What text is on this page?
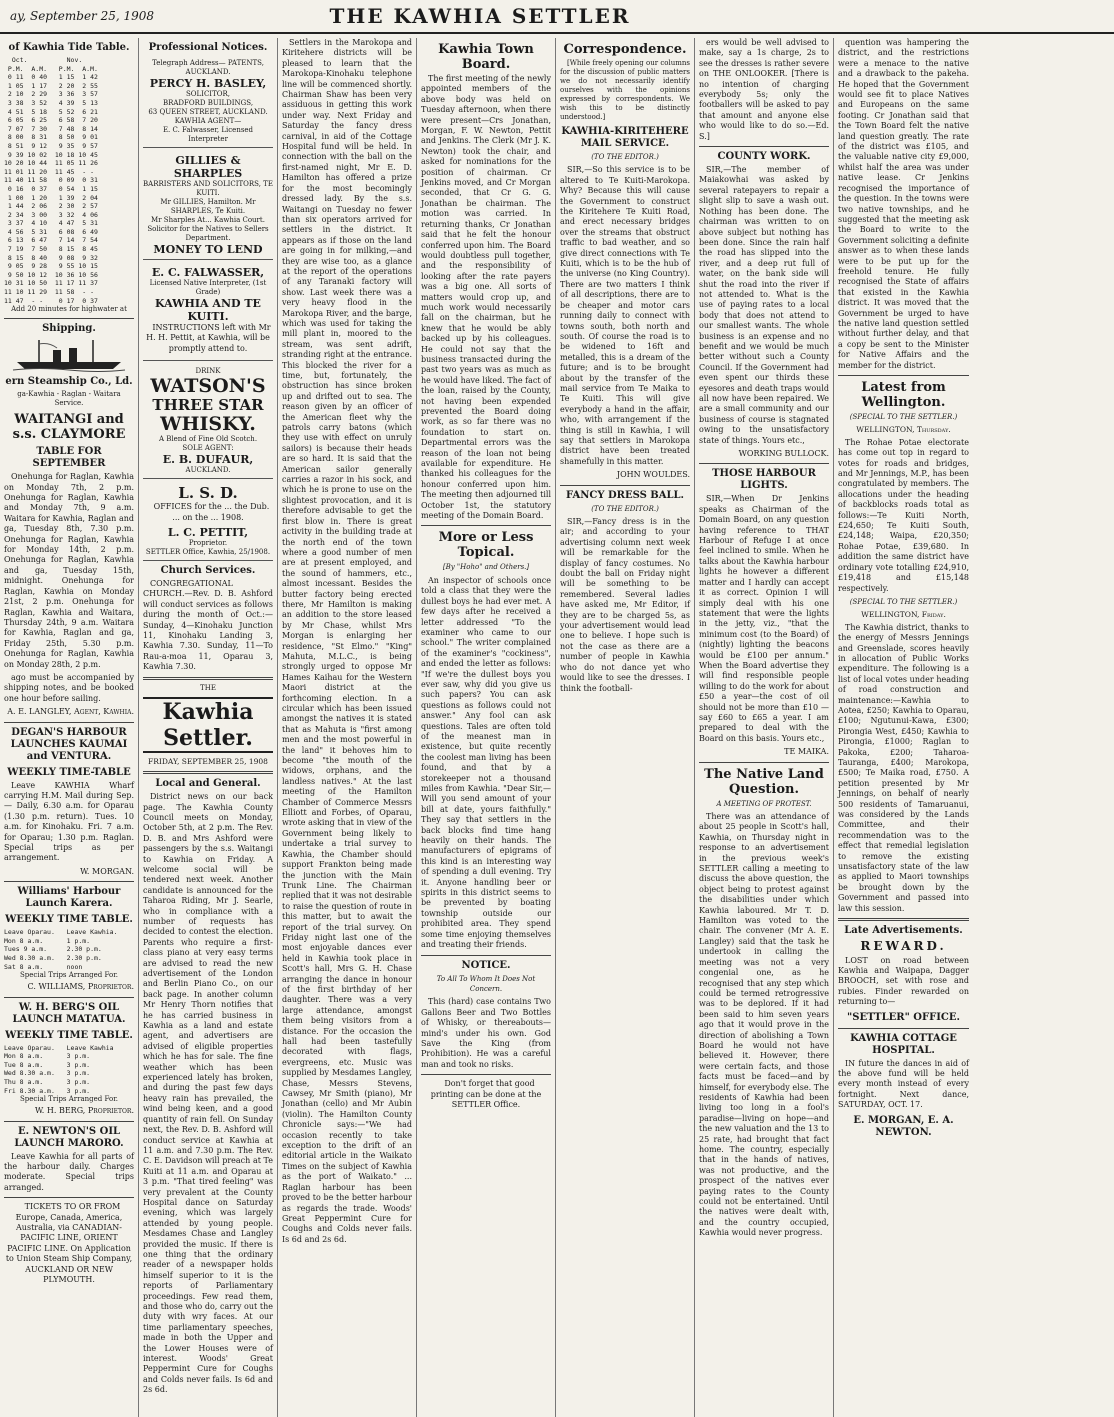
ay, September 25, 1908	THE KAWHIA SETTLER
of Kawhia Tide Table.
Oct.          Nov.
P.M.  A.M.   P.M.  A.M.
0 11  0 40   1 15  1 42
1 05  1 17   2 20  2 55
2 10  2 29   3 36  3 57
3 38  3 52   4 39  5 13
4 51  5 18   5 52  6 21
6 05  6 25   6 58  7 20
7 07  7 30   7 48  8 14
8 00  8 31   8 50  9 01
8 51  9 12   9 35  9 57
9 39 10 02  10 18 10 45
10 20 10 44  11 05 11 26
11 01 11 20  11 45  - -
11 40 11 58   0 09  0 31
0 16  0 37   0 54  1 15
1 00  1 20   1 39  2 04
1 44  2 06   2 30  2 57
2 34  3 00   3 32  4 06
3 37  4 10   4 47  5 31
4 56  5 31   6 08  6 49
6 13  6 47   7 14  7 54
7 19  7 50   8 15  8 45
8 15  8 40   9 08  9 32
9 05  9 28   9 55 10 15
9 50 10 12  10 36 10 56
10 31 10 50  11 17 11 37
11 10 11 29  11 58  - -
11 47  - -    0 17  0 37
Add 20 minutes for highwater at
Shipping.
ern Steamship Co., Ld.
ga-Kawhia - Raglan - Waitara Service.
WAITANGI and s.s. CLAYMORE
TABLE FOR SEPTEMBER

Onehunga for Raglan, Kawhia on Monday 7th, 2 p.m. Onehunga for Raglan, Kawhia and Monday 7th, 9 a.m. Waitara for Kawhia, Raglan and ga, Tuesday 8th, 7.30 p.m. Onehunga for Raglan, Kawhia for Monday 14th, 2 p.m. Onehunga for Raglan, Kawhia and ga, Tuesday 15th, midnight. Onehunga for Raglan, Kawhia on Monday 21st, 2 p.m. Onehunga for Raglan, Kawhia and Waitara, Thursday 24th, 9 a.m. Waitara for Kawhia, Raglan and ga, Friday 25th, 5.30 p.m. Onehunga for Raglan, Kawhia on Monday 28th, 2 p.m.

ago must be accompanied by shipping notes, and be booked one hour before sailing.

A. E. LANGLEY, Agent, Kawhia.
DEGAN'S HARBOUR LAUNCHES KAUMAI and VENTURA.
WEEKLY TIME-TABLE

Leave KAWHIA Wharf carrying H.M. Mail during Sep.— Daily, 6.30 a.m. for Oparau (1.30 p.m. return). Tues. 10 a.m. for Kinohaku. Fri. 7 a.m. for Oparau; 1.30 p.m. Raglan. Special trips as per arrangement.

W. MORGAN.
Williams' Harbour Launch Karera.
WEEKLY TIME TABLE.
Leave Oparau.   Leave Kawhia.
Mon 8 a.m.      1 p.m.
Tues 9 a.m.     2.30 p.m.
Wed 8.30 a.m.   2.30 p.m.
Sat 8 a.m.      noon
Special Trips Arranged For.
C. WILLIAMS, Proprietor.
W. H. BERG'S OIL LAUNCH MATATUA.
WEEKLY TIME TABLE.
Leave Oparau.   Leave Kawhia
Mon 8 a.m.      3 p.m.
Tue 8 a.m.      3 p.m.
Wed 8.30 a.m.   3 p.m.
Thu 8 a.m.      3 p.m.
Fri 8.30 a.m.   3 p.m.
Special Trips Arranged For.
W. H. BERG, Proprietor.
E. NEWTON'S OIL LAUNCH MARORO.

Leave Kawhia for all parts of the harbour daily. Charges moderate. Special trips arranged.

TICKETS TO OR FROM Europe, Canada, America, Australia, via CANADIAN-PACIFIC LINE, ORIENT PACIFIC LINE. On Application to Union Steam Ship Company, AUCKLAND OR NEW PLYMOUTH.

Professional Notices.
Telegraph Address— PATENTS, AUCKLAND.
PERCY H. BASLEY,
SOLICITOR,
BRADFORD BUILDINGS,
63 QUEEN STREET, AUCKLAND.
KAWHIA AGENT—
E. C. Falwasser, Licensed Interpreter
GILLIES & SHARPLES
BARRISTERS AND SOLICITORS, TE KUITI.
Mr GILLIES, Hamilton. Mr SHARPLES, Te Kuiti.
Mr Sharples At... Kawhia Court.
Solicitor for the Natives to Sellers Department.
MONEY TO LEND
E. C. FALWASSER,
Licensed Native Interpreter, (1st Grade)
KAWHIA AND TE KUITI.

INSTRUCTIONS left with Mr H. H. Pettit, at Kawhia, will be promptly attend to.

DRINK
WATSON'S
THREE STAR
WHISKY.
A Blend of Fine Old Scotch.
SOLE AGENT:
E. B. DUFAUR,
AUCKLAND.
L. S. D.

OFFICES for the ... the Dub. ... on the ... 1908.

L. C. PETTIT,
Proprietor.
SETTLER Office, Kawhia, 25/1908.
Church Services.

CONGREGATIONAL CHURCH.—Rev. D. B. Ashford will conduct services as follows during the month of Oct.:— Sunday, 4—Kinohaku Junction 11, Kinohaku Landing 3, Kawhia 7.30. Sunday, 11—To Rau-a-moa 11, Oparau 3, Kawhia 7.30.

THE
Kawhia Settler.
FRIDAY, SEPTEMBER 25, 1908
Local and General.

District news on our back page. The Kawhia County Council meets on Monday, October 5th, at 2 p.m. The Rev. D. B. and Mrs Ashford were passengers by the s.s. Waitangi to Kawhia on Friday. A welcome social will be tendered next week. Another candidate is announced for the Taharoa Riding, Mr J. Searle, who in compliance with a number of requests has decided to contest the election. Parents who require a first-class piano at very easy terms are advised to read the new advertisement of the London and Berlin Piano Co., on our back page. In another column Mr Henry Thorn notifies that he has carried business in Kawhia as a land and estate agent, and advertisers are advised of eligible properties which he has for sale. The fine weather which has been experienced lately has broken, and during the past few days heavy rain has prevailed, the wind being keen, and a good quantity of rain fell. On Sunday next, the Rev. D. B. Ashford will conduct service at Kawhia at 11 a.m. and 7.30 p.m. The Rev. C. E. Davidson will preach at Te Kuiti at 11 a.m. and Oparau at 3 p.m. "That tired feeling" was very prevalent at the County Hospital dance on Saturday evening, which was largely attended by young people. Mesdames Chase and Langley provided the music. If there is one thing that the ordinary reader of a newspaper holds himself superior to it is the reports of Parliamentary proceedings. Few read them, and those who do, carry out the duty with wry faces. At our time parliamentary speeches, made in both the Upper and the Lower Houses were of interest. Woods' Great Peppermint Cure for Coughs and Colds never fails. Is 6d and 2s 6d.

Settlers in the Marokopa and Kiritehere districts will be pleased to learn that the Marokopa-Kinohaku telephone line will be commenced shortly. Chairman Shaw has been very assiduous in getting this work under way. Next Friday and Saturday the fancy dress carnival, in aid of the Cottage Hospital fund will be held. In connection with the ball on the first-named night, Mr E. D. Hamilton has offered a prize for the most becomingly dressed lady. By the s.s. Waitangi on Tuesday no fewer than six operators arrived for settlers in the district. It appears as if those on the land are going in for milking,—and they are wise too, as a glance at the report of the operations of any Taranaki factory will show. Last week there was a very heavy flood in the Marokopa River, and the barge, which was used for taking the mill plant in, moored to the stream, was sent adrift, stranding right at the entrance. This blocked the river for a time, but, fortunately, the obstruction has since broken up and drifted out to sea. The reason given by an officer of the American fleet why the patrols carry batons (which they use with effect on unruly sailors) is because their heads are so hard. It is said that the American sailor generally carries a razor in his sock, and which he is prone to use on the slightest provocation, and it is therefore advisable to get the first blow in. There is great activity in the building trade at the north end of the town where a good number of men are at present employed, and the sound of hammers, etc., almost incessant. Besides the butter factory being erected there, Mr Hamilton is making an addition to the store leased by Mr Chase, whilst Mrs Morgan is enlarging her residence, "St Elmo." "King" Mahuta, M.L.C., is being strongly urged to oppose Mr Hames Kaihau for the Western Maori district at the forthcoming election. In a circular which has been issued amongst the natives it is stated that as Mahuta is "first among men and the most powerful in the land" it behoves him to become "the mouth of the widows, orphans, and the landless natives." At the last meeting of the Hamilton Chamber of Commerce Messrs Elliott and Forbes, of Oparau, wrote asking that in view of the Government being likely to undertake a trial survey to Kawhia, the Chamber should support Frankton being made the junction with the Main Trunk Line. The Chairman replied that it was not desirable to raise the question of route in this matter, but to await the report of the trial survey. On Friday night last one of the most enjoyable dances ever held in Kawhia took place in Scott's hall, Mrs G. H. Chase arranging the dance in honour of the first birthday of her daughter. There was a very large attendance, amongst them being visitors from a distance. For the occasion the hall had been tastefully decorated with flags, evergreens, etc. Music was supplied by Mesdames Langley, Chase, Messrs Stevens, Cawsey, Mr Smith (piano), Mr Jonathan (cello) and Mr Aubin (violin). The Hamilton County Chronicle says:—"We had occasion recently to take exception to the drift of an editorial article in the Waikato Times on the subject of Kawhia as the port of Waikato." ... Raglan harbour has been proved to be the better harbour as regards the trade. Woods' Great Peppermint Cure for Coughs and Colds never fails. Is 6d and 2s 6d.

Kawhia Town Board.

The first meeting of the newly appointed members of the above body was held on Tuesday afternoon, when there were present—Crs Jonathan, Morgan, F. W. Newton, Pettit and Jenkins. The Clerk (Mr J. K. Newton) took the chair, and asked for nominations for the position of chairman. Cr Jenkins moved, and Cr Morgan seconded, that Cr G. G. Jonathan be chairman. The motion was carried. In returning thanks, Cr Jonathan said that he felt the honour conferred upon him. The Board would doubtless pull together, and the responsibility of looking after the rate payers was a big one. All sorts of matters would crop up, and much work would necessarily fall on the chairman, but he knew that he would be ably backed up by his colleagues. He could not say that the business transacted during the past two years was as much as he would have liked. The fact of the loan, raised by the County, not having been expended prevented the Board doing work, as so far there was no foundation to start on. Departmental errors was the reason of the loan not being available for expenditure. He thanked his colleagues for the honour conferred upon him. The meeting then adjourned till October 1st, the statutory meeting of the Domain Board.

More or Less Topical.
[By "Hoho" and Others.]

An inspector of schools once told a class that they were the dullest boys he had ever met. A few days after he received a letter addressed "To the examiner who came to our school." The writer complained of the examiner's "cockiness", and ended the letter as follows: "If we're the dullest boys you ever saw, why did you give us such papers? You can ask questions as follows could not answer." Any fool can ask questions. Tales are often told of the meanest man in existence, but quite recently the coolest man living has been found, and that by a storekeeper not a thousand miles from Kawhia. "Dear Sir,—Will you send amount of your bill at date, yours faithfully." They say that settlers in the back blocks find time hang heavily on their hands. The manufacturers of epigrams of this kind is an interesting way of spending a dull evening. Try it. Anyone handling beer or spirits in this district seems to be prevented by boating township outside our prohibited area. They spend some time enjoying themselves and treating their friends.

NOTICE.
To All To Whom It Does Not Concern.

This (hard) case contains Two Gallons Beer and Two Bottles of Whisky, or thereabouts—mind's under his own. God Save the King (from Prohibition). He was a careful man and took no risks.

Don't forget that good printing can be done at the SETTLER Office.

Correspondence.

[While freely opening our columns for the discussion of public matters we do not necessarily identify ourselves with the opinions expressed by correspondents. We wish this to be distinctly understood.]

KAWHIA-KIRITEHERE MAIL SERVICE.
(TO THE EDITOR.)

SIR,—So this service is to be altered to Te Kuiti-Marokopa. Why? Because this will cause the Government to construct the Kiritehere Te Kuiti Road, and erect necessary bridges over the streams that obstruct traffic to bad weather, and so give direct connections with Te Kuiti, which is to be the hub of the universe (no King Country). There are two matters I think of all descriptions, there are to be cheaper and motor cars running daily to connect with towns south, both north and south. Of course the road is to be widened to 16ft and metalled, this is a dream of the future; and is to be brought about by the transfer of the mail service from Te Maika to Te Kuiti. This will give everybody a hand in the affair, who, with arrangement if the thing is still in Kawhia, I will say that settlers in Marokopa district have been treated shamefully in this matter.

JOHN WOULDES.
FANCY DRESS BALL.
(TO THE EDITOR.)

SIR,—Fancy dress is in the air; and according to your advertising column next week will be remarkable for the display of fancy costumes. No doubt the ball on Friday night will be something to be remembered. Several ladies have asked me, Mr Editor, if they are to be charged 5s, as your advertisement would lead one to believe. I hope such is not the case as there are a number of people in Kawhia who do not dance yet who would like to see the dresses. I think the football-

ers would be well advised to make, say a 1s charge, 2s to see the dresses is rather severe on THE ONLOOKER. [There is no intention of charging everybody 5s; only the footballers will be asked to pay that amount and anyone else who would like to do so.—Ed. S.]

COUNTY WORK.

SIR,—The member of Maiakowhai was asked by several ratepayers to repair a slight slip to save a wash out. Nothing has been done. The chairman was written to on above subject but nothing has been done. Since the rain half the road has slipped into the river, and a deep rut full of water, on the bank side will shut the road into the river if not attended to. What is the use of paying rates to a local body that does not attend to our smallest wants. The whole business is an expense and no benefit and we would be much better without such a County Council. If the Government had even spent our thirds these eyesores and death traps would all now have been repaired. We are a small community and our business of course is stagnated owing to the unsatisfactory state of things. Yours etc.,

WORKING BULLOCK.
THOSE HARBOUR LIGHTS.

SIR,—When Dr Jenkins speaks as Chairman of the Domain Board, on any question having reference to THAT Harbour of Refuge I at once feel inclined to smile. When he talks about the Kawhia harbour lights he however a different matter and I hardly can accept it as correct. Opinion I will simply deal with his one statement that were the lights in the jetty, viz., "that the minimum cost (to the Board) of (nightly) lighting the beacons would be £100 per annum." When the Board advertise they will find responsible people willing to do the work for about £50 a year—the cost of oil should not be more than £10 —say £60 to £65 a year. I am prepared to deal with the Board on this basis. Yours etc.,

TE MAIKA.
The Native Land Question.
A MEETING OF PROTEST.

There was an attendance of about 25 people in Scott's hall, Kawhia, on Thursday night in response to an advertisement in the previous week's SETTLER calling a meeting to discuss the above question, the object being to protest against the disabilities under which Kawhia laboured. Mr T. D. Hamilton was voted to the chair. The convener (Mr A. E. Langley) said that the task he undertook in calling the meeting was not a very congenial one, as he recognised that any step which could be termed retrogressive was to be deplored. If it had been said to him seven years ago that it would prove in the direction of abolishing a Town Board he would not have believed it. However, there were certain facts, and those facts must be faced—and by himself, for everybody else. The residents of Kawhia had been living too long in a fool's paradise—living on hope—and the new valuation and the 13 to 25 rate, had brought that fact home. The country, especially that in the hands of natives, was not productive, and the prospect of the natives ever paying rates to the County could not be entertained. Until the natives were dealt with, and the country occupied, Kawhia would never progress.

quention was hampering the district, and the restrictions were a menace to the native and a drawback to the pakeha. He hoped that the Government would see fit to place Natives and Europeans on the same footing. Cr Jonathan said that the Town Board felt the native land question greatly. The rate of the district was £105, and the valuable native city £9,000, whilst half the area was under native lease. Cr Jenkins recognised the importance of the question. In the towns were two native townships, and he suggested that the meeting ask the Board to write to the Government soliciting a definite answer as to when these lands were to be put up for the freehold tenure. He fully recognised the State of affairs that existed in the Kawhia district. It was moved that the Government be urged to have the native land question settled without further delay, and that a copy be sent to the Minister for Native Affairs and the member for the district.

Latest from Wellington.
(SPECIAL TO THE SETTLER.)
WELLINGTON, Thursday.

The Rohae Potae electorate has come out top in regard to votes for roads and bridges, and Mr Jennings, M.P., has been congratulated by members. The allocations under the heading of backblocks roads total as follows:—Te Kuiti North, £24,650; Te Kuiti South, £24,148; Waipa, £20,350; Rohae Potae, £39,680. In addition the same district have ordinary vote totalling £24,910, £19,418 and £15,148 respectively.

(SPECIAL TO THE SETTLER.)
WELLINGTON, Friday.

The Kawhia district, thanks to the energy of Messrs Jennings and Greenslade, scores heavily in allocation of Public Works expenditure. The following is a list of local votes under heading of road construction and maintenance:—Kawhia to Aotea, £250; Kawhia to Oparau, £100; Ngutunui-Kawa, £300; Pirongia West, £450; Kawhia to Pirongia, £1000; Raglan to Pakoka, £200; Taharoa-Tauranga, £400; Marokopa, £500; Te Maika road, £750. A petition presented by Mr Jennings, on behalf of nearly 500 residents of Tamaruanui, was considered by the Lands Committee, and their recommendation was to the effect that remedial legislation to remove the existing unsatisfactory state of the law as applied to Maori townships be brought down by the Government and passed into law this session.

Late Advertisements.
REWARD.

LOST on road between Kawhia and Waipapa, Dagger BROOCH, set with rose and rubies. Finder rewarded on returning to—

"SETTLER" OFFICE.
KAWHIA COTTAGE HOSPITAL.

IN future the dances in aid of the above fund will be held every month instead of every fortnight. Next dance, SATURDAY, OCT. 17.

E. MORGAN, E. A. NEWTON.
